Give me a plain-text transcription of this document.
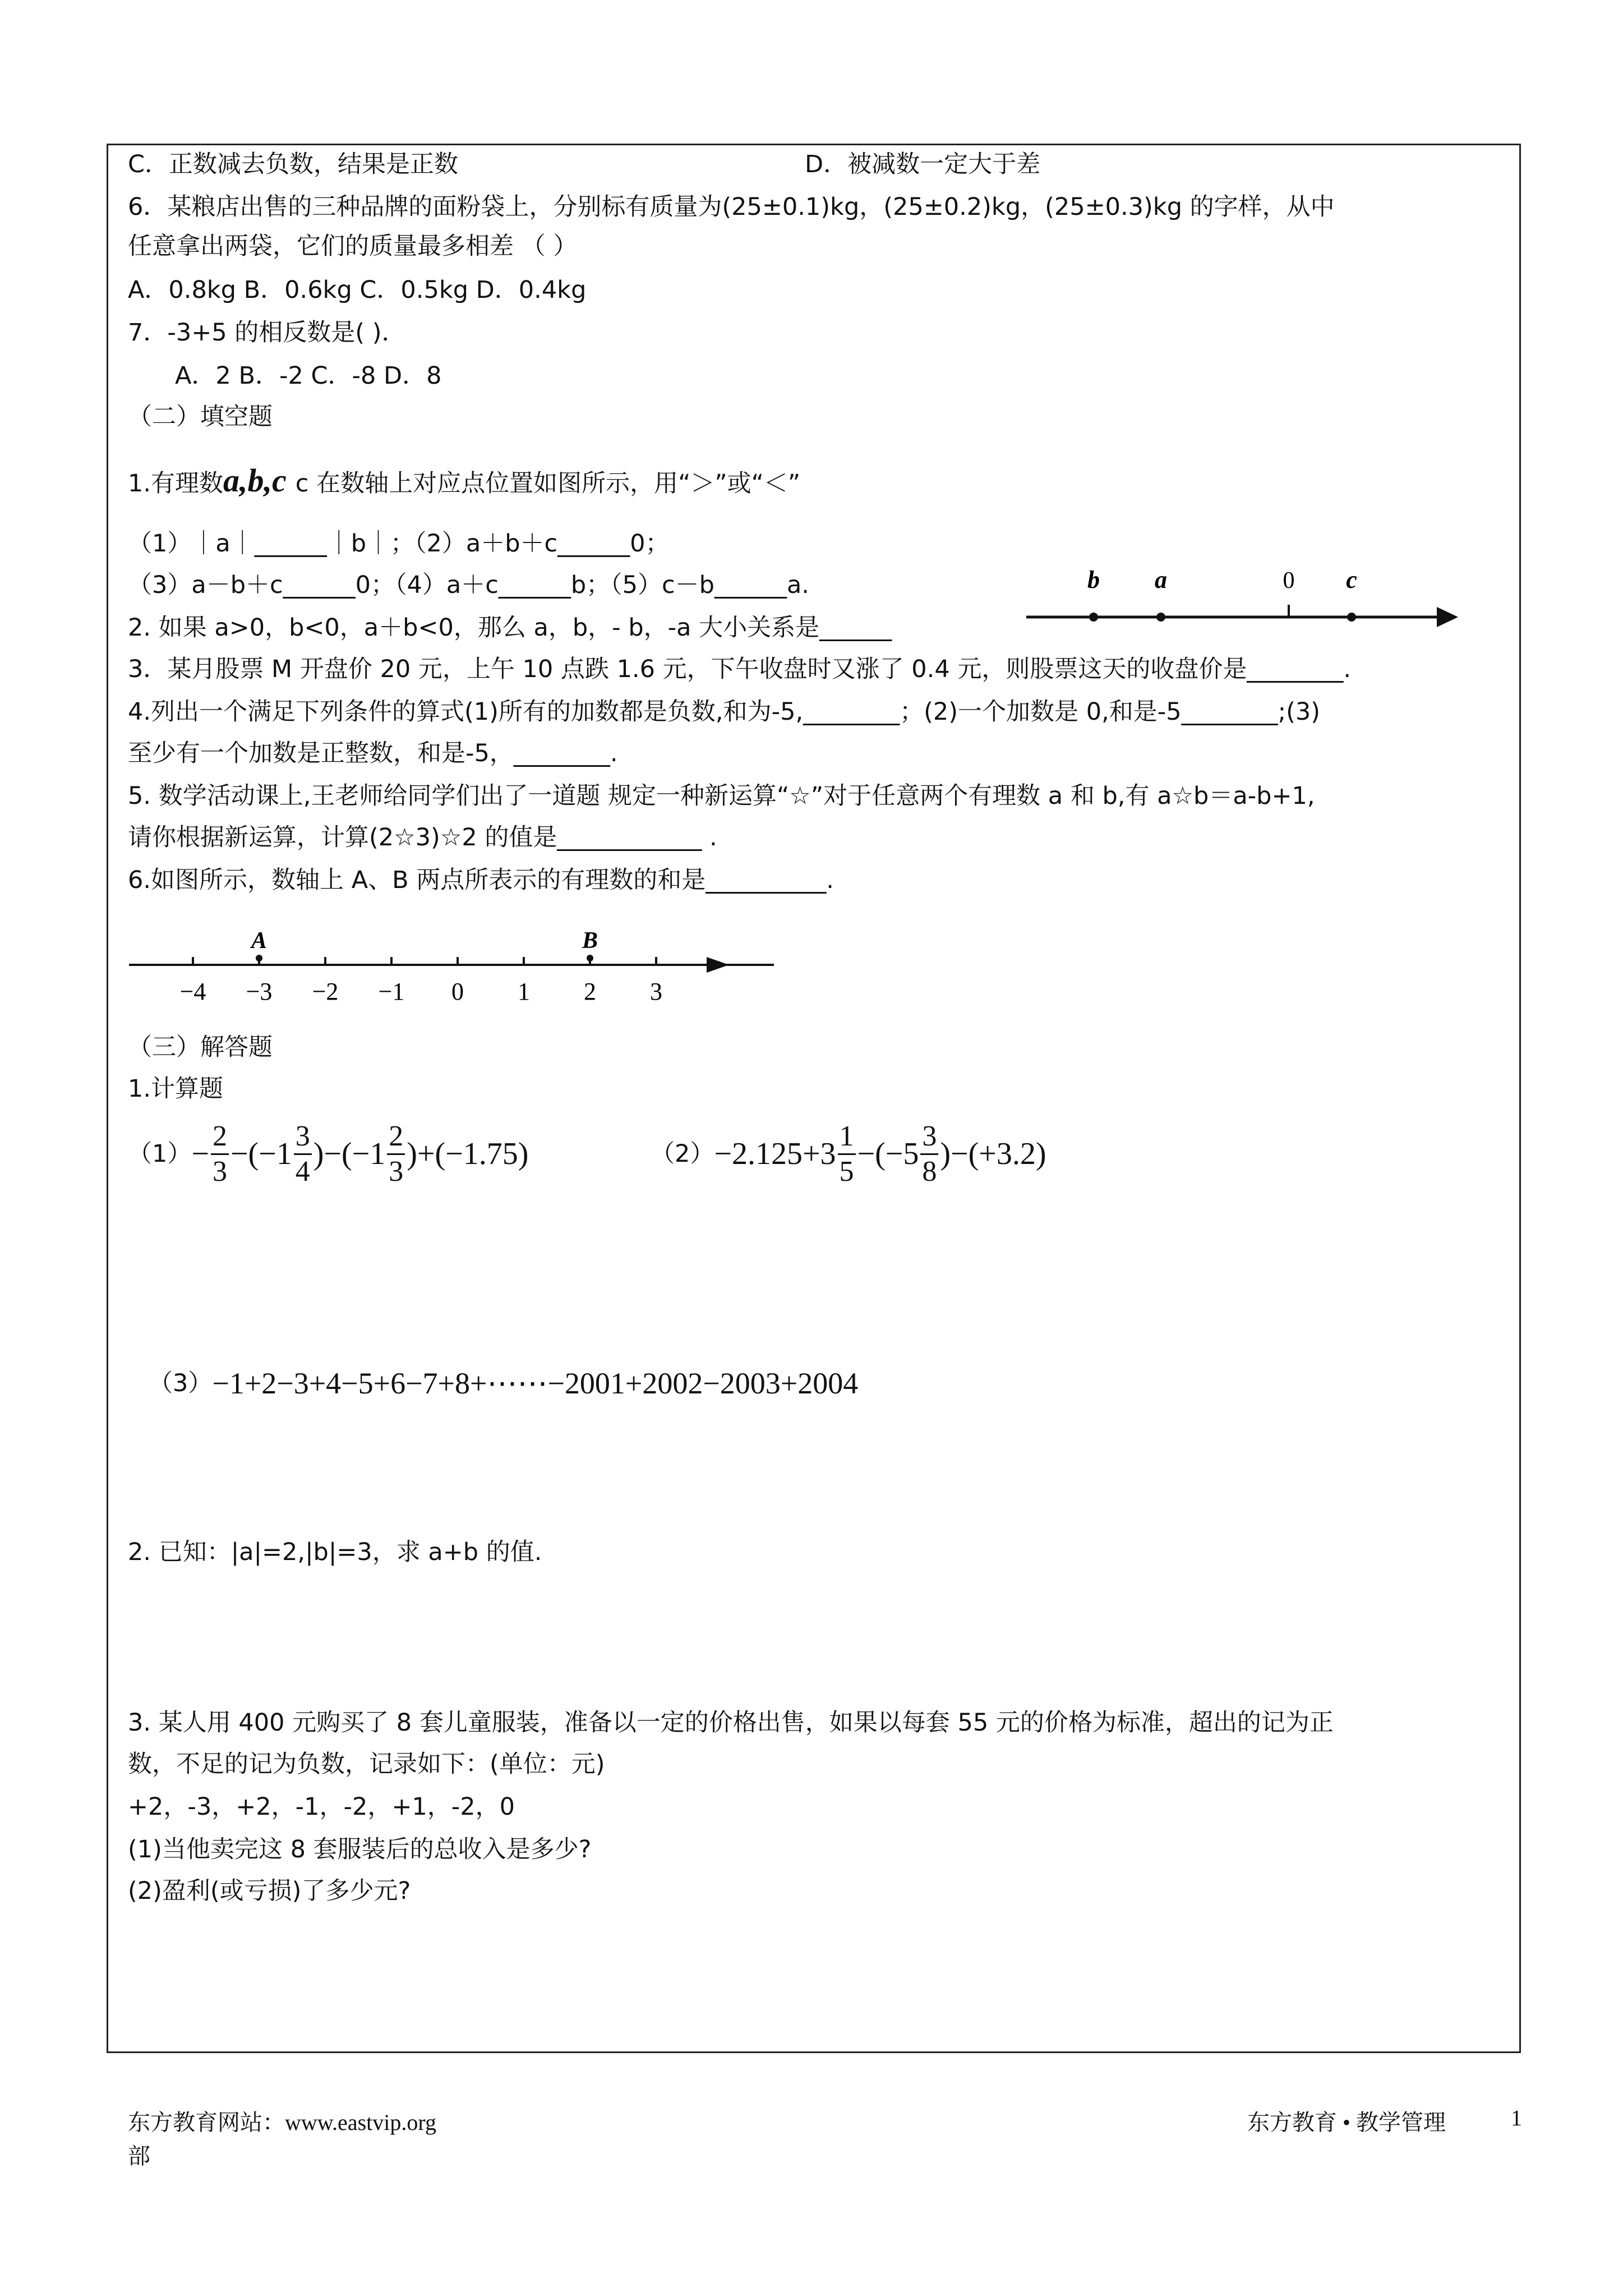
C．正数减去负数，结果是正数	D．被减数一定大于差
6．某粮店出售的三种品牌的面粉袋上，分别标有质量为(25±0.1)kg，(25±0.2)kg，(25±0.3)kg 的字样，从中
任意拿出两袋，它们的质量最多相差 （ ）
A．0.8kg B．0.6kg C．0.5kg D．0.4kg
7．-3+5 的相反数是( )．
A．2 B．-2 C．-8 D．8
（二）填空题
1.有理数a,b,c c 在数轴上对应点位置如图所示，用“＞”或“＜”
（1）｜a｜______｜b｜；（2）a＋b＋c______0；
（3）a－b＋c______0；（4）a＋c______b；（5）c－b______a.	b a	0 c
2. 如果 a>0，b<0，a＋b<0，那么 a，b，- b，-a 大小关系是______
3．某月股票 M 开盘价 20 元，上午 10 点跌 1.6 元，下午收盘时又涨了 0.4 元，则股票这天的收盘价是________.
4.列出一个满足下列条件的算式(1)所有的加数都是负数,和为-5,________；(2)一个加数是 0,和是-5________;(3)
至少有一个加数是正整数，和是-5，________.
5. 数学活动课上,王老师给同学们出了一道题 规定一种新运算“☆”对于任意两个有理数 a 和 b,有 a☆b＝a-b+1,
请你根据新运算，计算(2☆3)☆2 的值是____________ .
6.如图所示，数轴上 A、B 两点所表示的有理数的和是__________.
−4 −3 −2 −1 0 1 2 3
A	B
（三）解答题
1.计算题
$(1) - \frac{2}{3} -(-1 \frac{3}{4}$ ) $-(-1 \frac{2}{3}$ ) +(−1.75)	$(2) -2.125+3 \frac{1}{5} -(-5 \frac{3}{8}$ ) −(+3.2)
（3） −1+2−3+4−5+6−7+8+⋯⋯−2001+2002−2003+2004
2. 已知：|a|=2,|b|=3，求 a+b 的值.
3. 某人用 400 元购买了 8 套儿童服装，准备以一定的价格出售，如果以每套 55 元的价格为标准，超出的记为正
数，不足的记为负数，记录如下：(单位：元)
+2，-3，+2，-1，-2，+1，-2，0
(1)当他卖完这 8 套服装后的总收入是多少?
(2)盈利(或亏损)了多少元?
东方教育网站：www.eastvip.org
部
东方教育 • 教学管理	1
